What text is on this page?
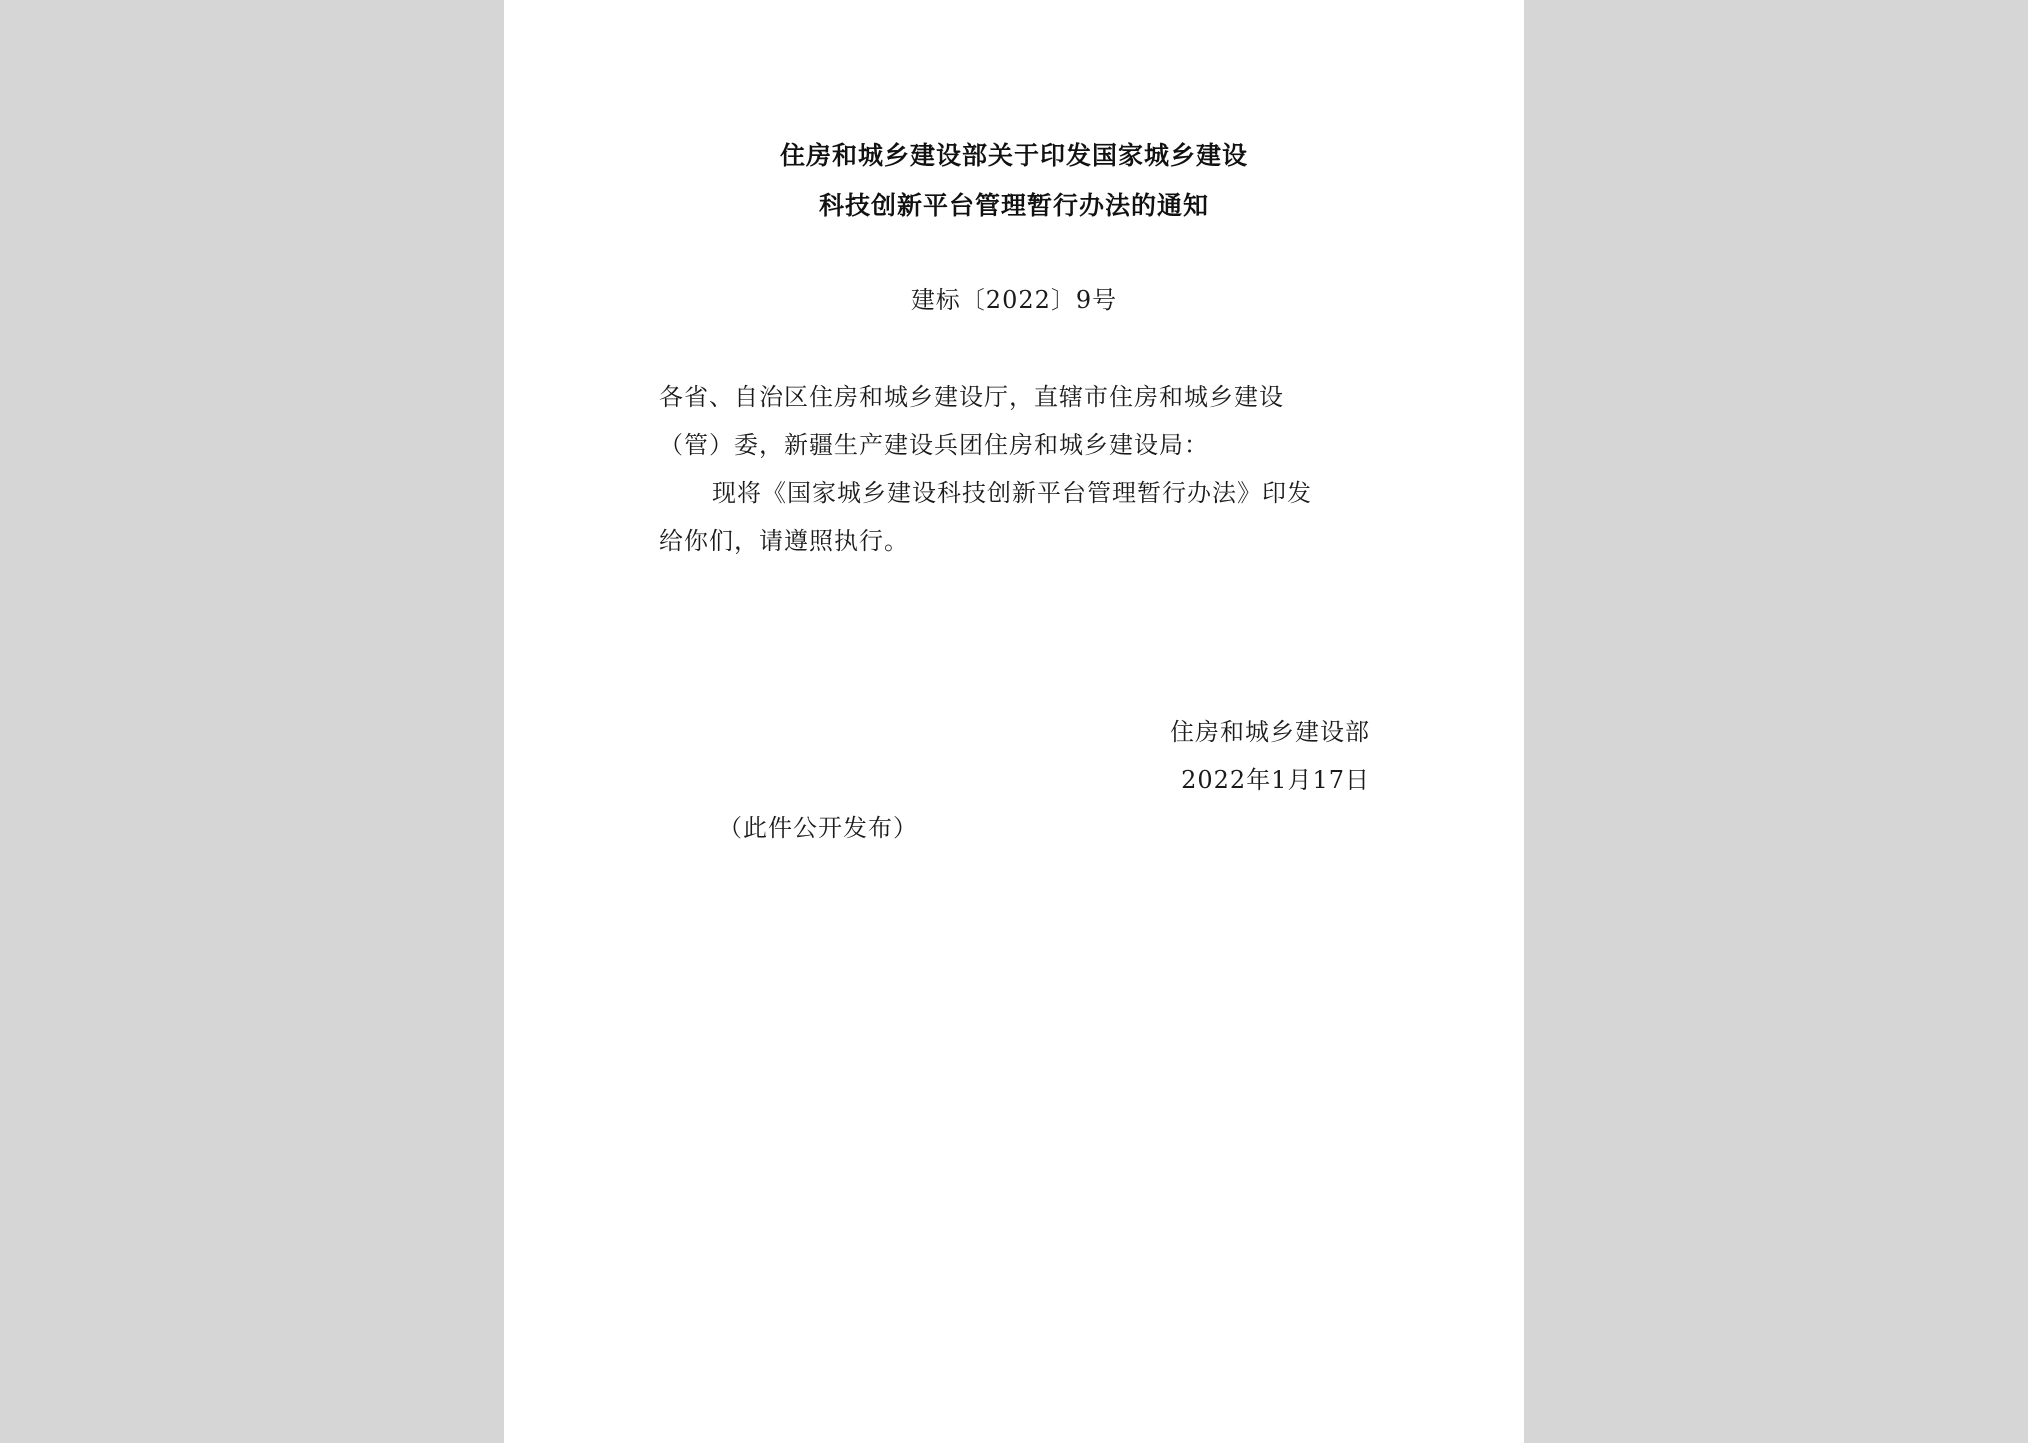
住房和城乡建设部关于印发国家城乡建设
科技创新平台管理暂行办法的通知
建标〔2022〕9号
各省、自治区住房和城乡建设厅，直辖市住房和城乡建设
（管）委，新疆生产建设兵团住房和城乡建设局：
现将《国家城乡建设科技创新平台管理暂行办法》印发
给你们，请遵照执行。
住房和城乡建设部
2022年1月17日
（此件公开发布）
